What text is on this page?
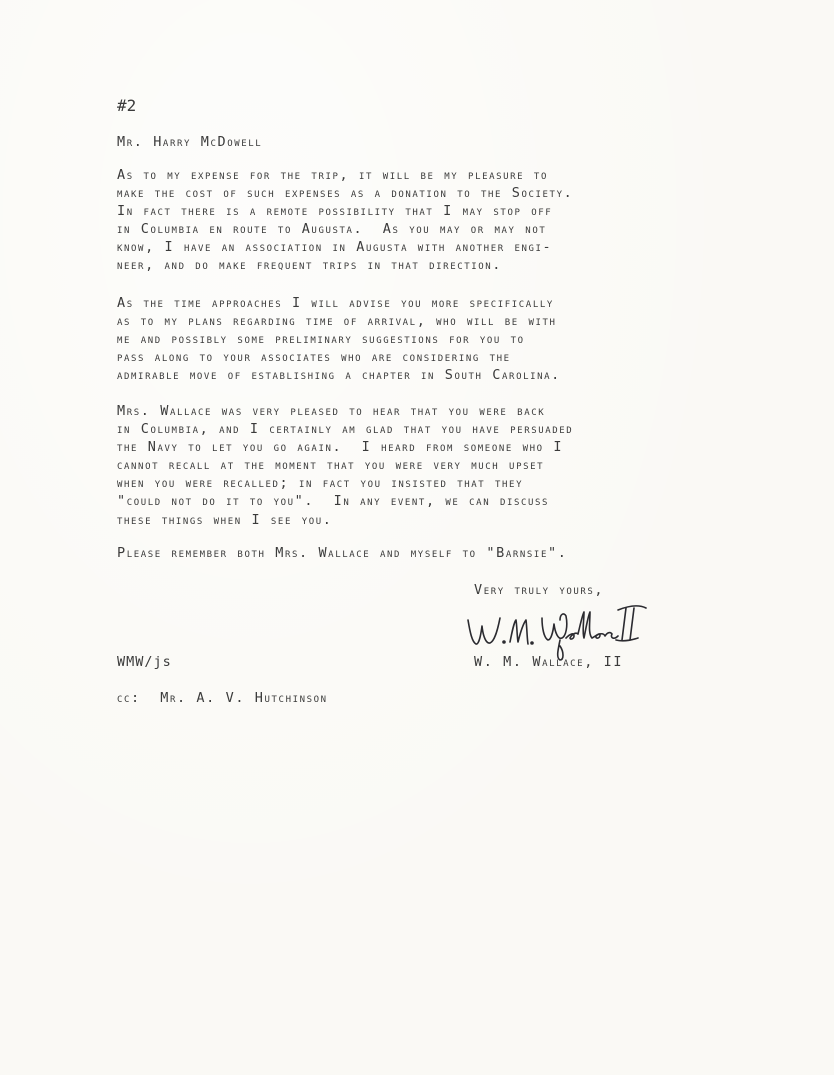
#2

Mr. Harry McDowell

As to my expense for the trip, it will be my pleasure to
make the cost of such expenses as a donation to the Society.
In fact there is a remote possibility that I may stop off
in Columbia en route to Augusta.  As you may or may not
know, I have an association in Augusta with another engi-
neer, and do make frequent trips in that direction.
As the time approaches I will advise you more specifically
as to my plans regarding time of arrival, who will be with
me and possibly some preliminary suggestions for you to
pass along to your associates who are considering the
admirable move of establishing a chapter in South Carolina.
Mrs. Wallace was very pleased to hear that you were back
in Columbia, and I certainly am glad that you have persuaded
the Navy to let you go again.  I heard from someone who I
cannot recall at the moment that you were very much upset
when you were recalled; in fact you insisted that they
"could not do it to you".  In any event, we can discuss
these things when I see you.

Please remember both Mrs. Wallace and myself to "Barnsie".

Very truly yours,

W. M. Wallace, II

WMW/js

cc:  Mr. A. V. Hutchinson
